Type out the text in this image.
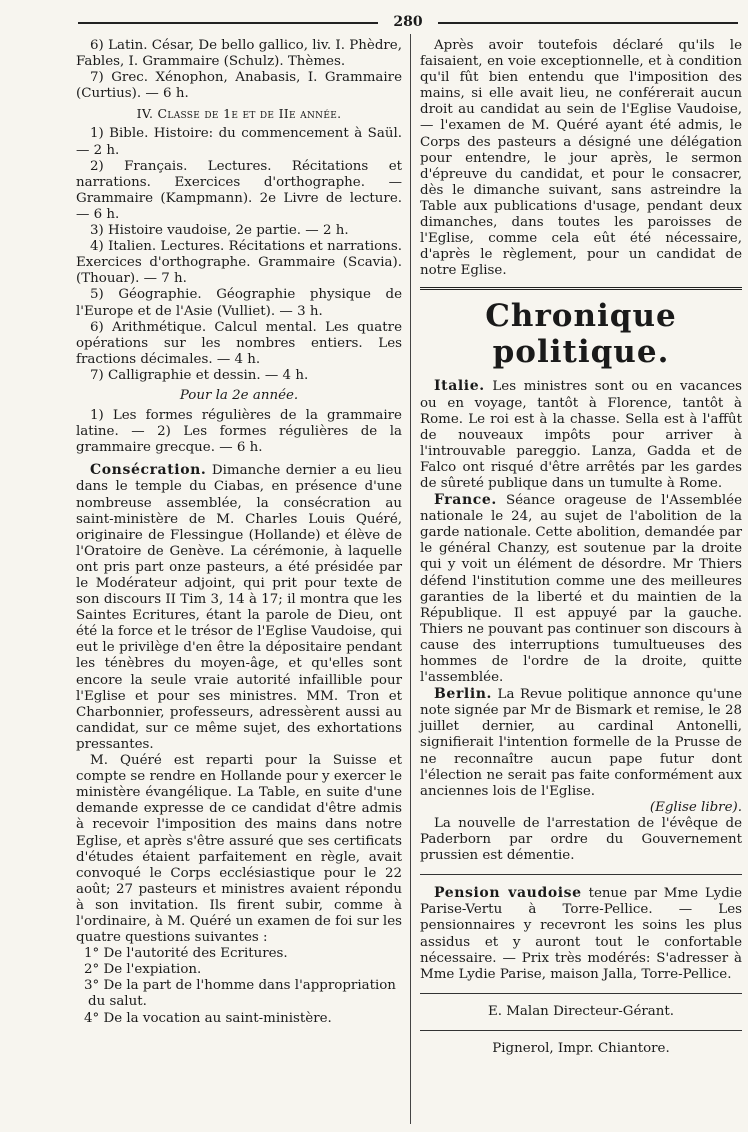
280

6) Latin. César, De bello gallico, liv. I. Phèdre, Fables, I. Grammaire (Schulz). Thèmes.

7) Grec. Xénophon, Anabasis, I. Grammaire (Curtius). — 6 h.

IV. Classe de 1e et de IIe année.

1) Bible. Histoire: du commencement à Saül. — 2 h.

2) Français. Lectures. Récitations et narrations. Exercices d'orthographe. — Grammaire (Kampmann). 2e Livre de lecture. — 6 h.

3) Histoire vaudoise, 2e partie. — 2 h.

4) Italien. Lectures. Récitations et narrations. Exercices d'orthographe. Grammaire (Scavia). (Thouar). — 7 h.

5) Géographie. Géographie physique de l'Europe et de l'Asie (Vulliet). — 3 h.

6) Arithmétique. Calcul mental. Les quatre opérations sur les nombres entiers. Les fractions décimales. — 4 h.

7) Calligraphie et dessin. — 4 h.

Pour la 2e année.

1) Les formes régulières de la grammaire latine. — 2) Les formes régulières de la grammaire grecque. — 6 h.

Consécration. Dimanche dernier a eu lieu dans le temple du Ciabas, en présence d'une nombreuse assemblée, la consécration au saint-ministère de M. Charles Louis Quéré, originaire de Flessingue (Hollande) et élève de l'Oratoire de Genève. La cérémonie, à laquelle ont pris part onze pasteurs, a été présidée par le Modérateur adjoint, qui prit pour texte de son discours II Tim 3, 14 à 17; il montra que les Saintes Ecritures, étant la parole de Dieu, ont été la force et le trésor de l'Eglise Vaudoise, qui eut le privilège d'en être la dépositaire pendant les ténèbres du moyen-âge, et qu'elles sont encore la seule vraie autorité infaillible pour l'Eglise et pour ses ministres. MM. Tron et Charbonnier, professeurs, adressèrent aussi au candidat, sur ce même sujet, des exhortations pressantes.

M. Quéré est reparti pour la Suisse et compte se rendre en Hollande pour y exercer le ministère évangélique. La Table, en suite d'une demande expresse de ce candidat d'être admis à recevoir l'imposition des mains dans notre Eglise, et après s'être assuré que ses certificats d'études étaient parfaitement en règle, avait convoqué le Corps ecclésiastique pour le 22 août; 27 pasteurs et ministres avaient répondu à son invitation. Ils firent subir, comme à l'ordinaire, à M. Quéré un examen de foi sur les quatre questions suivantes :

1° De l'autorité des Ecritures.
2° De l'expiation.
3° De la part de l'homme dans l'appropriation du salut.
4° De la vocation au saint-ministère.

Après avoir toutefois déclaré qu'ils le faisaient, en voie exceptionnelle, et à condition qu'il fût bien entendu que l'imposition des mains, si elle avait lieu, ne conférerait aucun droit au candidat au sein de l'Eglise Vaudoise, — l'examen de M. Quéré ayant été admis, le Corps des pasteurs a désigné une délégation pour entendre, le jour après, le sermon d'épreuve du candidat, et pour le consacrer, dès le dimanche suivant, sans astreindre la Table aux publications d'usage, pendant deux dimanches, dans toutes les paroisses de l'Eglise, comme cela eût été nécessaire, d'après le règlement, pour un candidat de notre Eglise.

Chronique politique.

Italie. Les ministres sont ou en vacances ou en voyage, tantôt à Florence, tantôt à Rome. Le roi est à la chasse. Sella est à l'affût de nouveaux impôts pour arriver à l'introuvable pareggio. Lanza, Gadda et de Falco ont risqué d'être arrêtés par les gardes de sûreté publique dans un tumulte à Rome.

France. Séance orageuse de l'Assemblée nationale le 24, au sujet de l'abolition de la garde nationale. Cette abolition, demandée par le général Chanzy, est soutenue par la droite qui y voit un élément de désordre. Mr Thiers défend l'institution comme une des meilleures garanties de la liberté et du maintien de la République. Il est appuyé par la gauche. Thiers ne pouvant pas continuer son discours à cause des interruptions tumultueuses des hommes de l'ordre de la droite, quitte l'assemblée.

Berlin. La Revue politique annonce qu'une note signée par Mr de Bismark et remise, le 28 juillet dernier, au cardinal Antonelli, signifierait l'intention formelle de la Prusse de ne reconnaître aucun pape futur dont l'élection ne serait pas faite conformément aux anciennes lois de l'Eglise.

(Eglise libre).

La nouvelle de l'arrestation de l'évêque de Paderborn par ordre du Gouvernement prussien est démentie.

Pension vaudoise tenue par Mme Lydie Parise-Vertu à Torre-Pellice. — Les pensionnaires y recevront les soins les plus assidus et y auront tout le confortable nécessaire. — Prix très modérés: S'adresser à Mme Lydie Parise, maison Jalla, Torre-Pellice.

E. Malan Directeur-Gérant.
Pignerol, Impr. Chiantore.
